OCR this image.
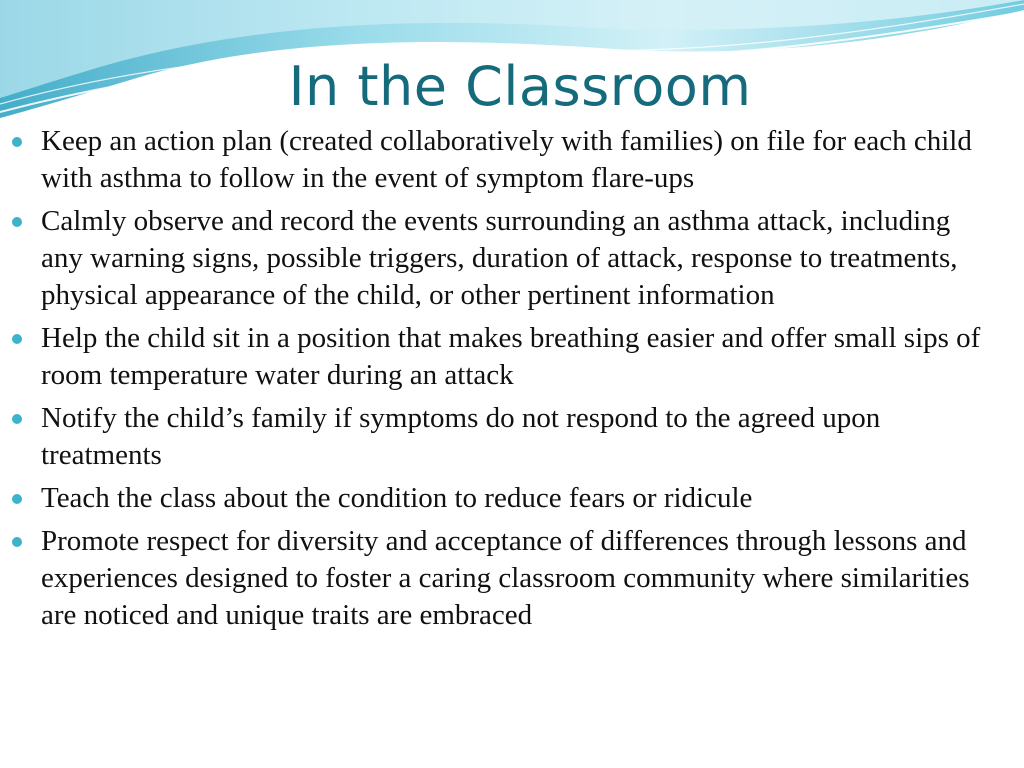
In the Classroom
Keep an action plan (created collaboratively with families) on file for each child with asthma to follow in the event of symptom flare-ups
Calmly observe and record the events surrounding an asthma attack, including any warning signs, possible triggers, duration of attack, response to treatments, physical appearance of the child, or other pertinent information
Help the child sit in a position that makes breathing easier and offer small sips of room temperature water during an attack
Notify the child’s family if symptoms do not respond to the agreed upon treatments
Teach the class about the condition to reduce fears or ridicule
Promote respect for diversity and acceptance of differences through lessons and experiences designed to foster a caring classroom community where similarities are noticed and unique traits are embraced
